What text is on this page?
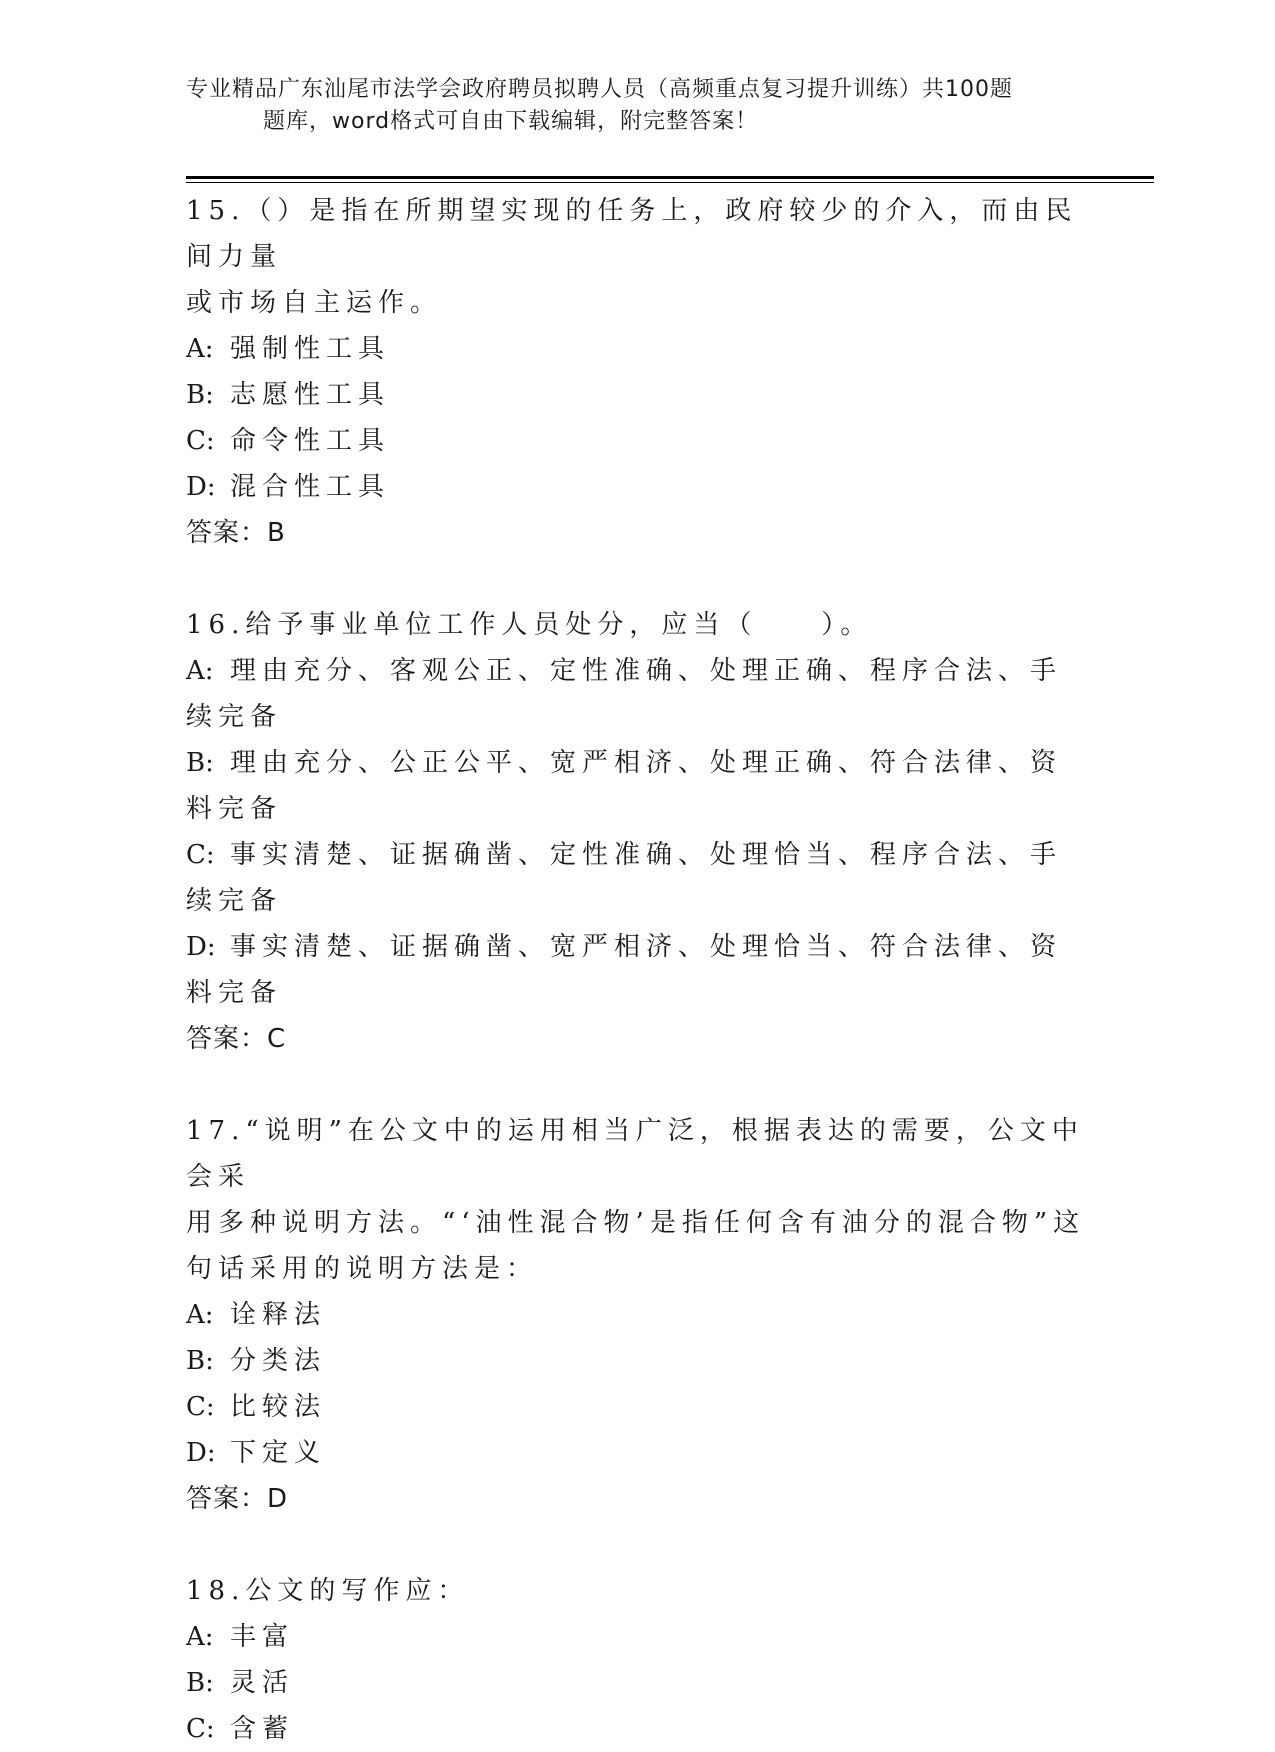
专业精品广东汕尾市法学会政府聘员拟聘人员（高频重点复习提升训练）共100题
题库，word格式可自由下载编辑，附完整答案！
15.（）是指在所期望实现的任务上，政府较少的介入，而由民间力量
或市场自主运作。
A: 强制性工具
B: 志愿性工具
C: 命令性工具
D: 混合性工具
答案：B
16.给予事业单位工作人员处分，应当（　　）。
A: 理由充分、客观公正、定性准确、处理正确、程序合法、手续完备
B: 理由充分、公正公平、宽严相济、处理正确、符合法律、资料完备
C: 事实清楚、证据确凿、定性准确、处理恰当、程序合法、手续完备
D: 事实清楚、证据确凿、宽严相济、处理恰当、符合法律、资料完备
答案：C
17.“说明”在公文中的运用相当广泛，根据表达的需要，公文中会采
用多种说明方法。“‘油性混合物’是指任何含有油分的混合物”这
句话采用的说明方法是：
A: 诠释法
B: 分类法
C: 比较法
D: 下定义
答案：D
18.公文的写作应：
A: 丰富
B: 灵活
C: 含蓄
